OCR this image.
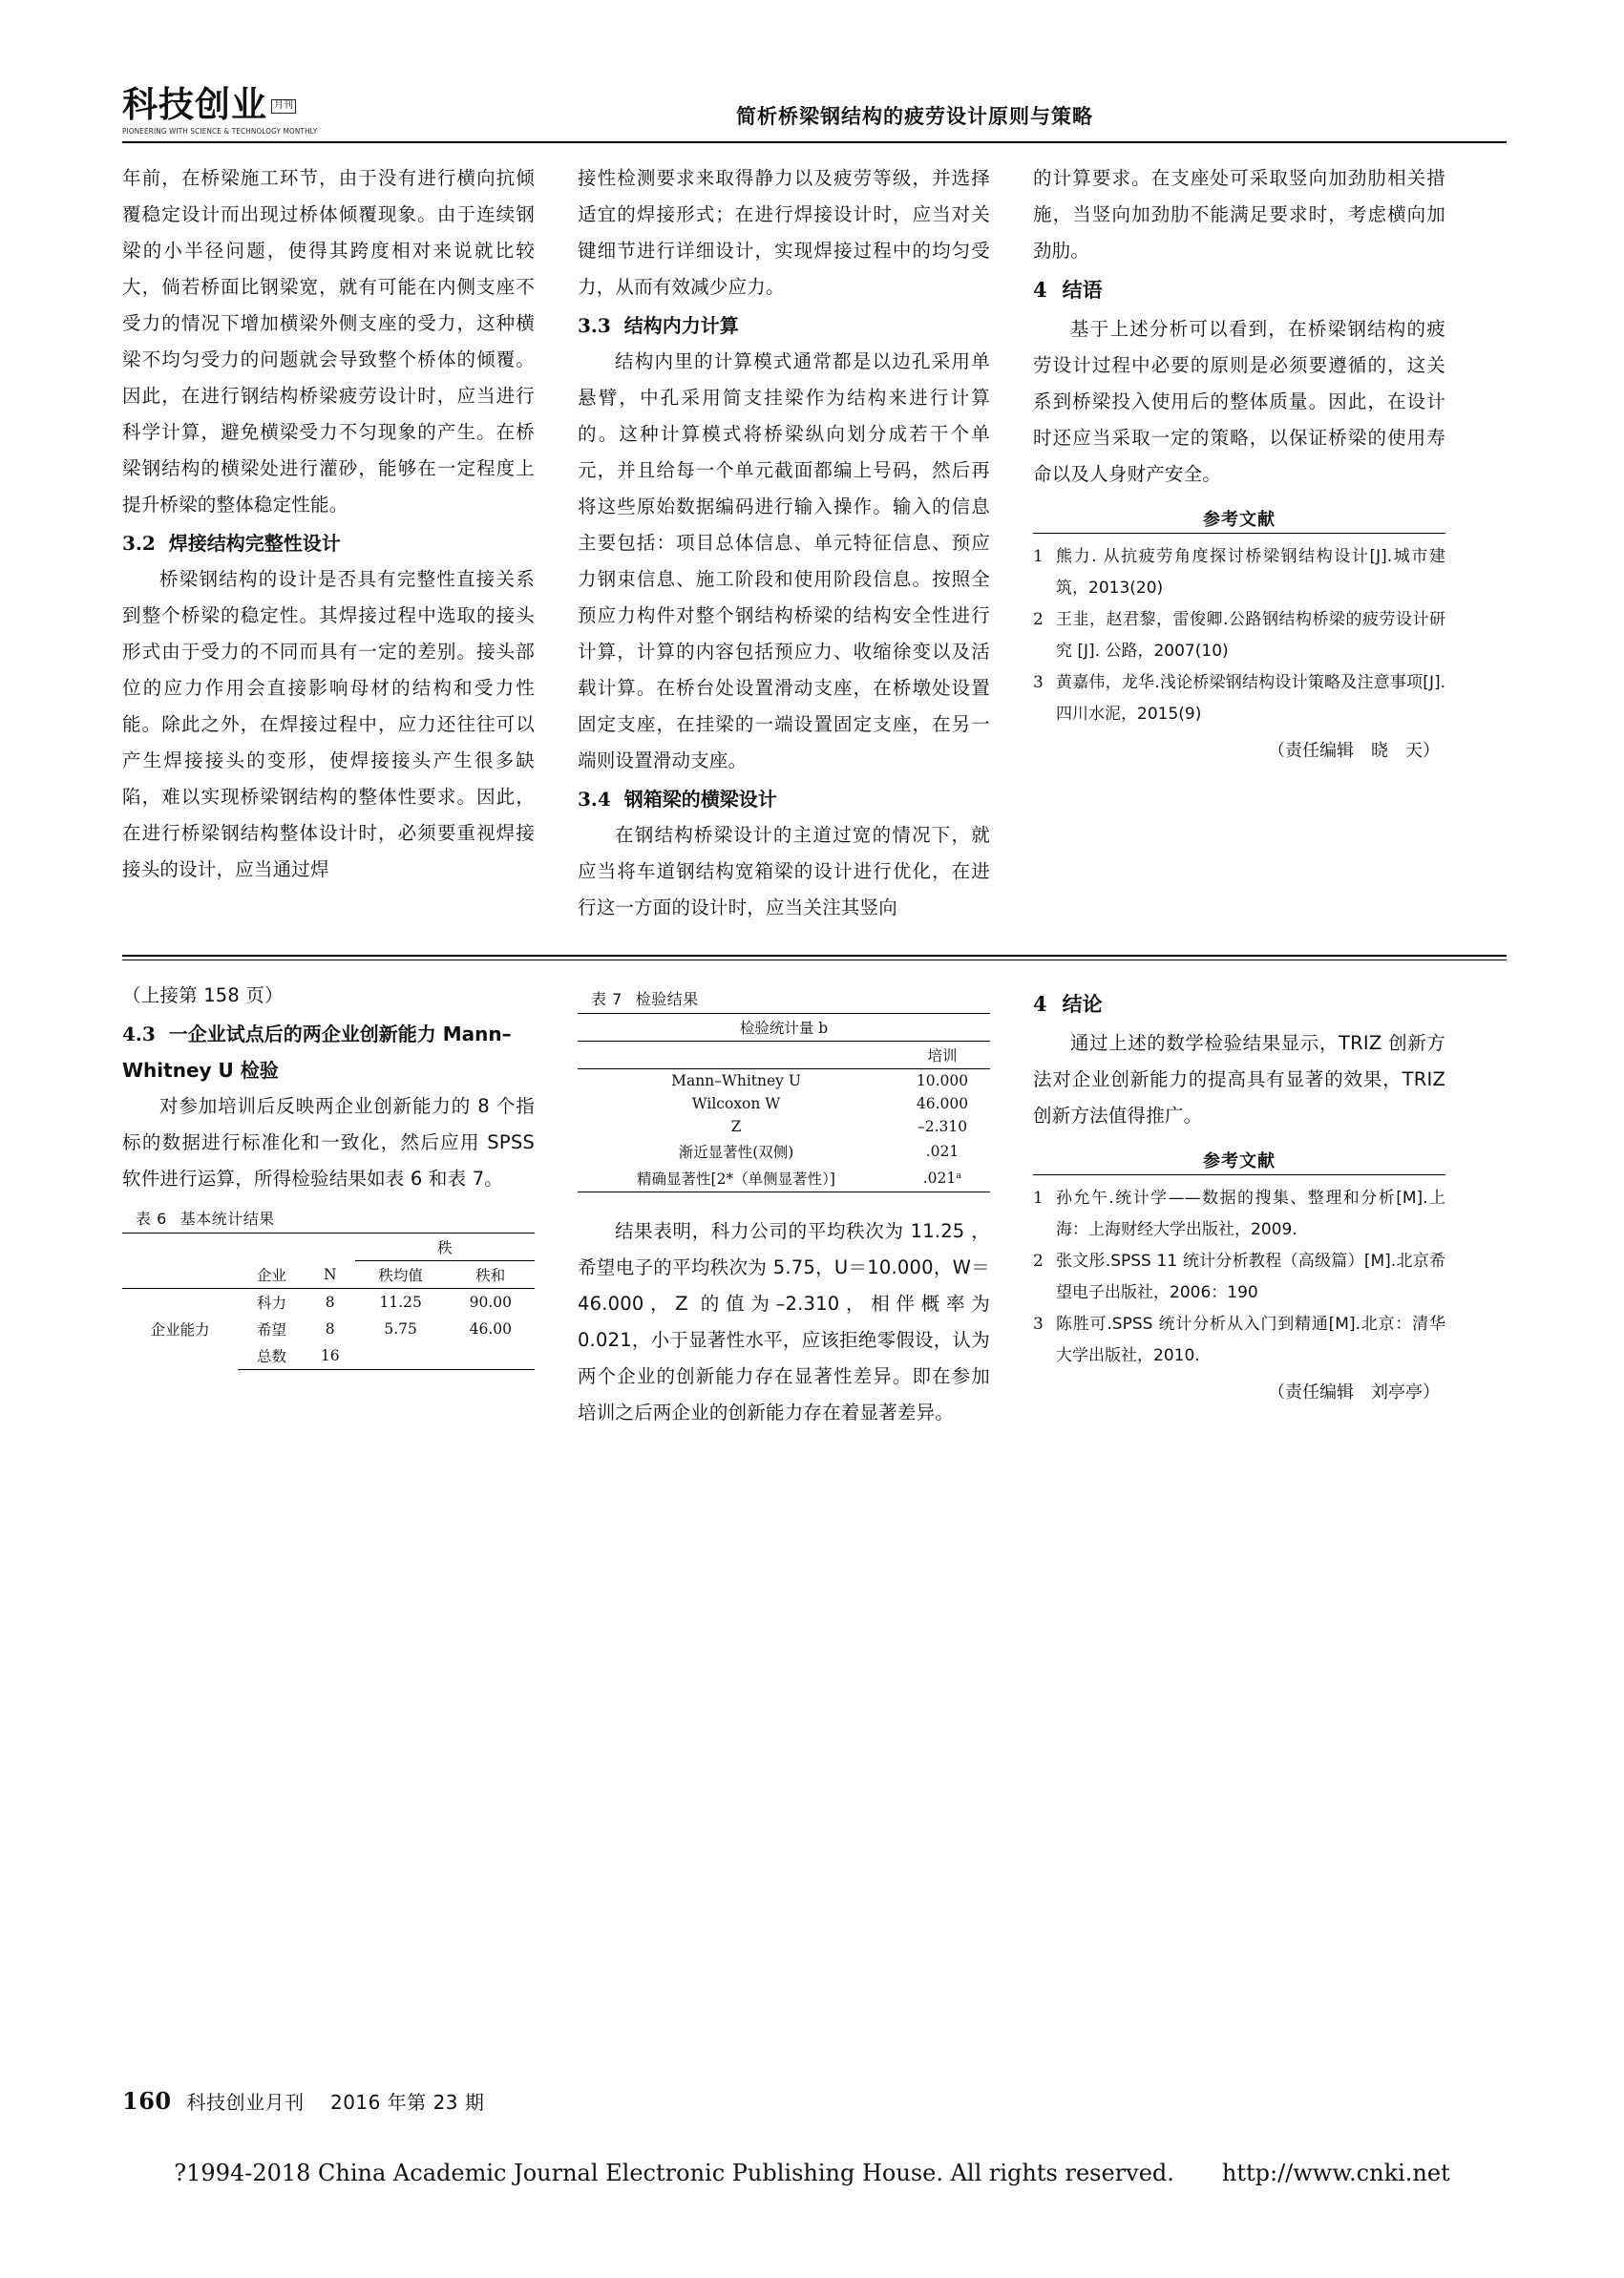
科技创业 月刊
PIONEERING WITH SCIENCE & TECHNOLOGY MONTHLY
简析桥梁钢结构的疲劳设计原则与策略
年前，在桥梁施工环节，由于没有进行横向抗倾覆稳定设计而出现过桥体倾覆现象。由于连续钢梁的小半径问题，使得其跨度相对来说就比较大，倘若桥面比钢梁宽，就有可能在内侧支座不受力的情况下增加横梁外侧支座的受力，这种横梁不均匀受力的问题就会导致整个桥体的倾覆。因此，在进行钢结构桥梁疲劳设计时，应当进行科学计算，避免横梁受力不匀现象的产生。在桥梁钢结构的横梁处进行灌砂，能够在一定程度上提升桥梁的整体稳定性能。
3.2 焊接结构完整性设计
桥梁钢结构的设计是否具有完整性直接关系到整个桥梁的稳定性。其焊接过程中选取的接头形式由于受力的不同而具有一定的差别。接头部位的应力作用会直接影响母材的结构和受力性能。除此之外，在焊接过程中，应力还往往可以产生焊接接头的变形，使焊接接头产生很多缺陷，难以实现桥梁钢结构的整体性要求。因此，在进行桥梁钢结构整体设计时，必须要重视焊接接头的设计，应当通过焊
接性检测要求来取得静力以及疲劳等级，并选择适宜的焊接形式；在进行焊接设计时，应当对关键细节进行详细设计，实现焊接过程中的均匀受力，从而有效减少应力。
3.3 结构内力计算
结构内里的计算模式通常都是以边孔采用单悬臂，中孔采用简支挂梁作为结构来进行计算的。这种计算模式将桥梁纵向划分成若干个单元，并且给每一个单元截面都编上号码，然后再将这些原始数据编码进行输入操作。输入的信息主要包括：项目总体信息、单元特征信息、预应力钢束信息、施工阶段和使用阶段信息。按照全预应力构件对整个钢结构桥梁的结构安全性进行计算，计算的内容包括预应力、收缩徐变以及活载计算。在桥台处设置滑动支座，在桥墩处设置固定支座，在挂梁的一端设置固定支座，在另一端则设置滑动支座。
3.4 钢箱梁的横梁设计
在钢结构桥梁设计的主道过宽的情况下，就应当将车道钢结构宽箱梁的设计进行优化，在进行这一方面的设计时，应当关注其竖向
的计算要求。在支座处可采取竖向加劲肋相关措施，当竖向加劲肋不能满足要求时，考虑横向加劲肋。
4 结语
基于上述分析可以看到，在桥梁钢结构的疲劳设计过程中必要的原则是必须要遵循的，这关系到桥梁投入使用后的整体质量。因此，在设计时还应当采取一定的策略，以保证桥梁的使用寿命以及人身财产安全。
参考文献
1 熊力. 从抗疲劳角度探讨桥梁钢结构设计[J].城市建筑，2013(20)
2 王韭，赵君黎，雷俊卿.公路钢结构桥梁的疲劳设计研究 [J]. 公路，2007(10)
3 黄嘉伟，龙华.浅论桥梁钢结构设计策略及注意事项[J].四川水泥，2015(9)
（责任编辑　晓　天）
（上接第 158 页）
4.3 一企业试点后的两企业创新能力 Mann–Whitney U 检验
对参加培训后反映两企业创新能力的 8 个指标的数据进行标准化和一致化，然后应用 SPSS 软件进行运算，所得检验结果如表 6 和表 7。
表 6 基本统计结果
			秩	
	企业	N	秩均值	秩和
企业能力	科力	8	11.25	90.00
	希望	8	5.75	46.00
	总数	16		
表 7 检验结果
检验统计量 b	
	培训
Mann–Whitney U	10.000
Wilcoxon W	46.000
Z	–2.310
渐近显著性(双侧)	.021
精确显著性[2*（单侧显著性）]	.021ᵃ
结果表明，科力公司的平均秩次为 11.25 ， 希望电子的平均秩次为 5.75，U＝10.000，W＝46.000，Z 的值为–2.310，相伴概率为 0.021，小于显著性水平，应该拒绝零假设，认为两个企业的创新能力存在显著性差异。即在参加培训之后两企业的创新能力存在着显著差异。
4 结论
通过上述的数学检验结果显示，TRIZ 创新方法对企业创新能力的提高具有显著的效果，TRIZ 创新方法值得推广。
参考文献
1 孙允午.统计学——数据的搜集、整理和分析[M].上海：上海财经大学出版社，2009.
2 张文彤.SPSS 11 统计分析教程（高级篇）[M].北京希望电子出版社，2006：190
3 陈胜可.SPSS 统计分析从入门到精通[M].北京：清华大学出版社，2010.
（责任编辑　刘亭亭）
160 科技创业月刊　 2016 年第 23 期
?1994-2018 China Academic Journal Electronic Publishing House. All rights reserved. http://www.cnki.net
